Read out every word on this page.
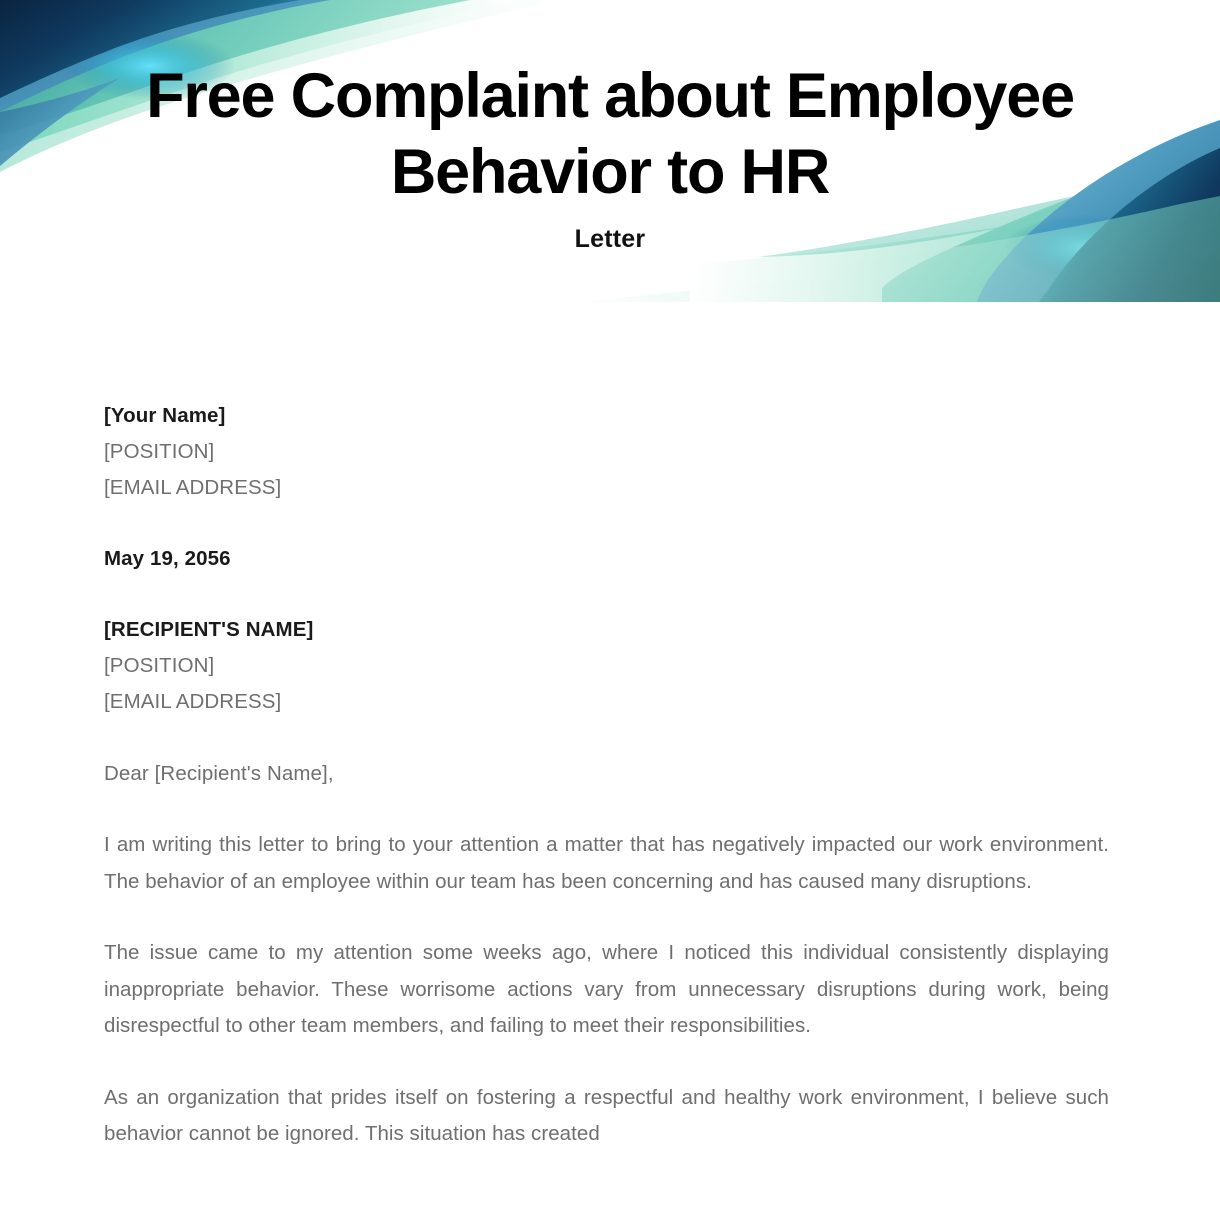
Free Complaint about Employee Behavior to HR
Letter

[Your Name]

[POSITION]

[EMAIL ADDRESS]

May 19, 2056

[RECIPIENT'S NAME]

[POSITION]

[EMAIL ADDRESS]

Dear [Recipient's Name],

I am writing this letter to bring to your attention a matter that has negatively impacted our work environment. The behavior of an employee within our team has been concerning and has caused many disruptions.

The issue came to my attention some weeks ago, where I noticed this individual consistently displaying inappropriate behavior. These worrisome actions vary from unnecessary disruptions during work, being disrespectful to other team members, and failing to meet their responsibilities.

As an organization that prides itself on fostering a respectful and healthy work environment, I believe such behavior cannot be ignored. This situation has created
